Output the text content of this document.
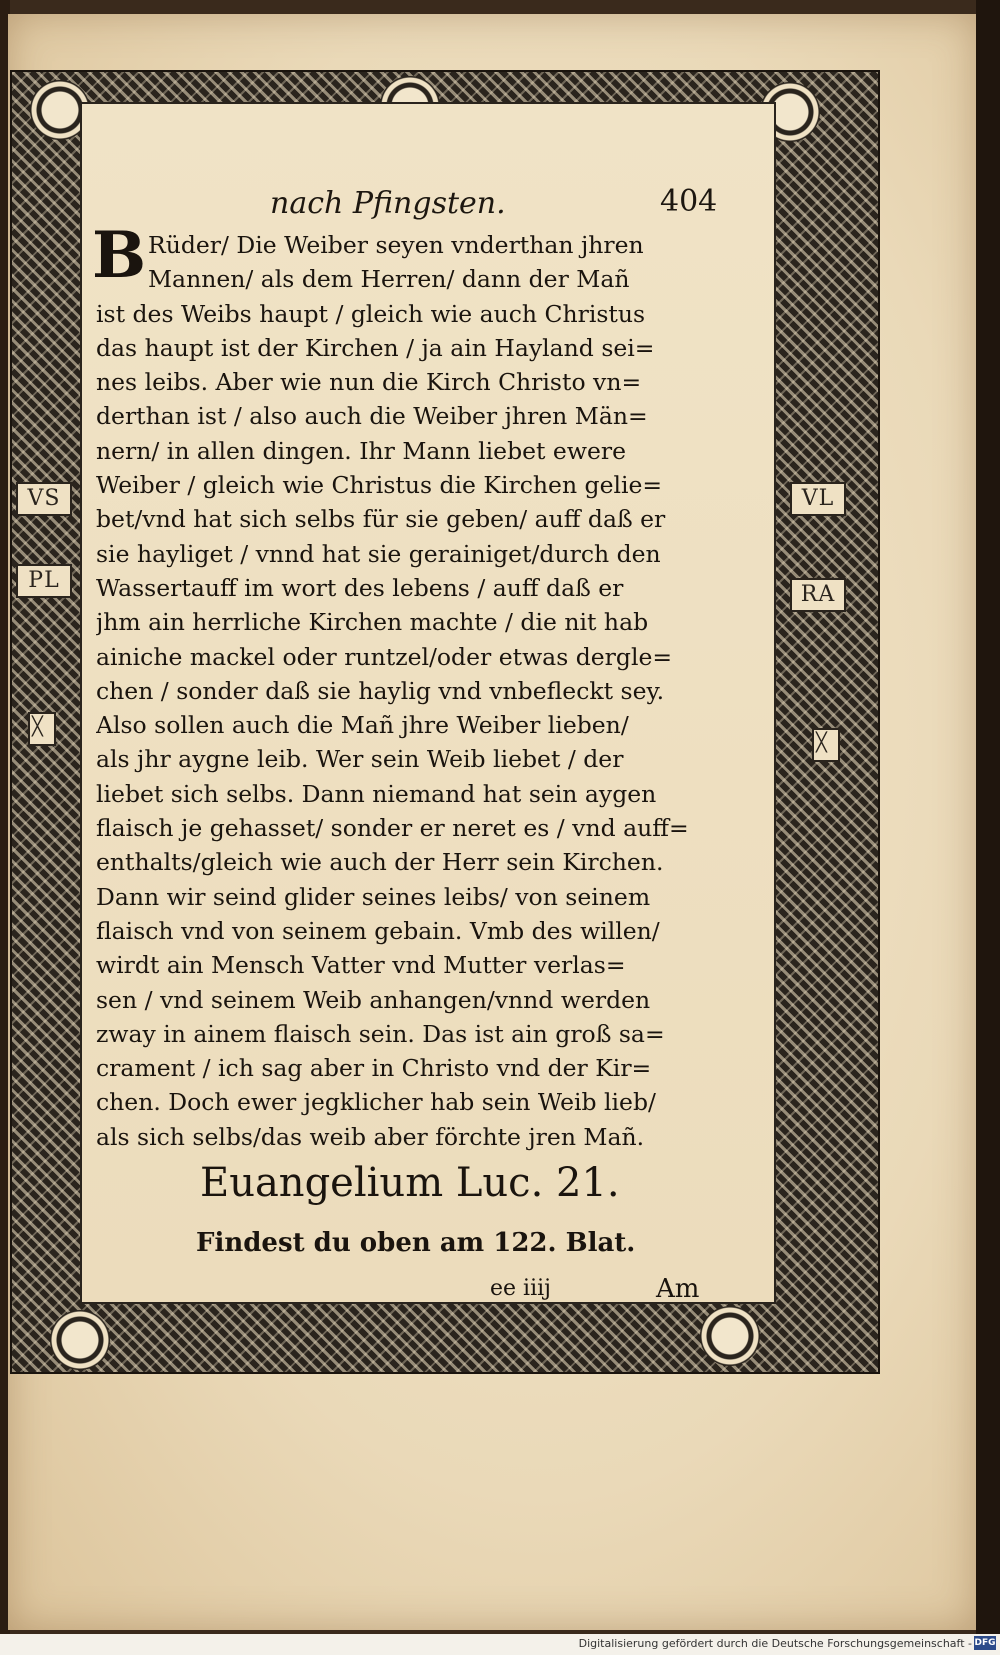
VS
PL
╳
VL
RA
╳
nach Pfingsten.	404
B Rüder/ Die Weiber seyen vnderthan jhren
Mannen/ als dem Herren/ dann der Mañ
ist des Weibs haupt / gleich wie auch Christus
das haupt ist der Kirchen / ja ain Hayland sei=
nes leibs. Aber wie nun die Kirch Christo vn=
derthan ist / also auch die Weiber jhren Män=
nern/ in allen dingen. Ihr Mann liebet ewere
Weiber / gleich wie Christus die Kirchen gelie=
bet/vnd hat sich selbs für sie geben/ auff daß er
sie hayliget / vnnd hat sie gerainiget/durch den
Wassertauff im wort des lebens / auff daß er
jhm ain herrliche Kirchen machte / die nit hab
ainiche mackel oder runtzel/oder etwas dergle=
chen / sonder daß sie haylig vnd vnbefleckt sey.
Also sollen auch die Mañ jhre Weiber lieben/
als jhr aygne leib. Wer sein Weib liebet / der
liebet sich selbs. Dann niemand hat sein aygen
flaisch je gehasset/ sonder er neret es / vnd auff=
enthalts/gleich wie auch der Herr sein Kirchen.
Dann wir seind glider seines leibs/ von seinem
flaisch vnd von seinem gebain. Vmb des willen/
wirdt ain Mensch Vatter vnd Mutter verlas=
sen / vnd seinem Weib anhangen/vnnd werden
zway in ainem flaisch sein. Das ist ain groß sa=
crament / ich sag aber in Christo vnd der Kir=
chen. Doch ewer jegklicher hab sein Weib lieb/
als sich selbs/das weib aber förchte jren Mañ.
Euangelium Luc. 21.
Findest du oben am 122. Blat.
ee iiij	Am
Digitalisierung gefördert durch die Deutsche Forschungsgemeinschaft - DFG
